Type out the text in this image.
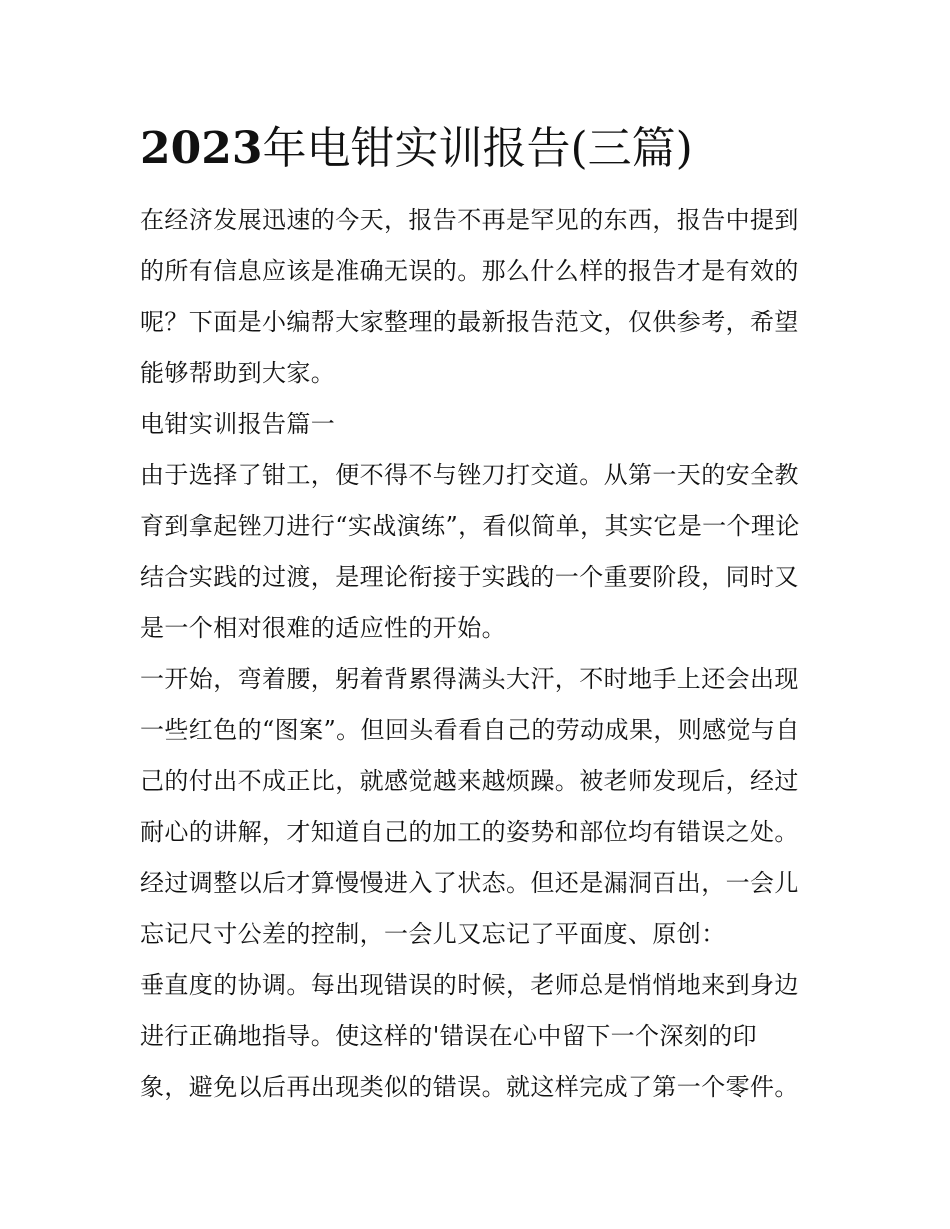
2023年电钳实训报告(三篇)

在经济发展迅速的今天，报告不再是罕见的东西，报告中提到

的所有信息应该是准确无误的。那么什么样的报告才是有效的

呢？下面是小编帮大家整理的最新报告范文，仅供参考，希望

能够帮助到大家。

电钳实训报告篇一

由于选择了钳工，便不得不与锉刀打交道。从第一天的安全教

育到拿起锉刀进行“实战演练”，看似简单，其实它是一个理论

结合实践的过渡，是理论衔接于实践的一个重要阶段，同时又

是一个相对很难的适应性的开始。

一开始，弯着腰，躬着背累得满头大汗，不时地手上还会出现

一些红色的“图案”。但回头看看自己的劳动成果，则感觉与自

己的付出不成正比，就感觉越来越烦躁。被老师发现后，经过

耐心的讲解，才知道自己的加工的姿势和部位均有错误之处。

经过调整以后才算慢慢进入了状态。但还是漏洞百出，一会儿

忘记尺寸公差的控制，一会儿又忘记了平面度、原创：

垂直度的协调。每出现错误的时候，老师总是悄悄地来到身边

进行正确地指导。使这样的'错误在心中留下一个深刻的印

象，避免以后再出现类似的错误。就这样完成了第一个零件。
